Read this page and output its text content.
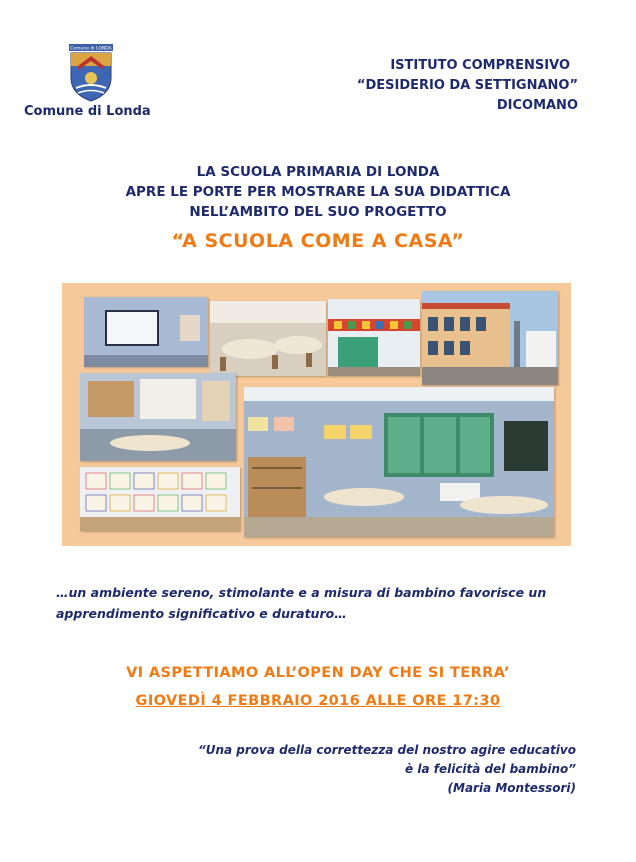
Comune di LONDA
Comune di Londa
ISTITUTO COMPRENSIVO
“DESIDERIO DA SETTIGNANO”
DICOMANO
LA SCUOLA PRIMARIA DI LONDA
APRE LE PORTE PER MOSTRARE LA SUA DIDATTICA
NELL’AMBITO DEL SUO PROGETTO
“A SCUOLA COME A CASA”
…un ambiente sereno, stimolante e a misura di bambino favorisce un
apprendimento significativo e duraturo…
VI ASPETTIAMO ALL’OPEN DAY CHE SI TERRA’
GIOVEDÌ 4 FEBBRAIO 2016 ALLE ORE 17:30
“Una prova della correttezza del nostro agire educativo
è la felicità del bambino”
(Maria Montessori)
